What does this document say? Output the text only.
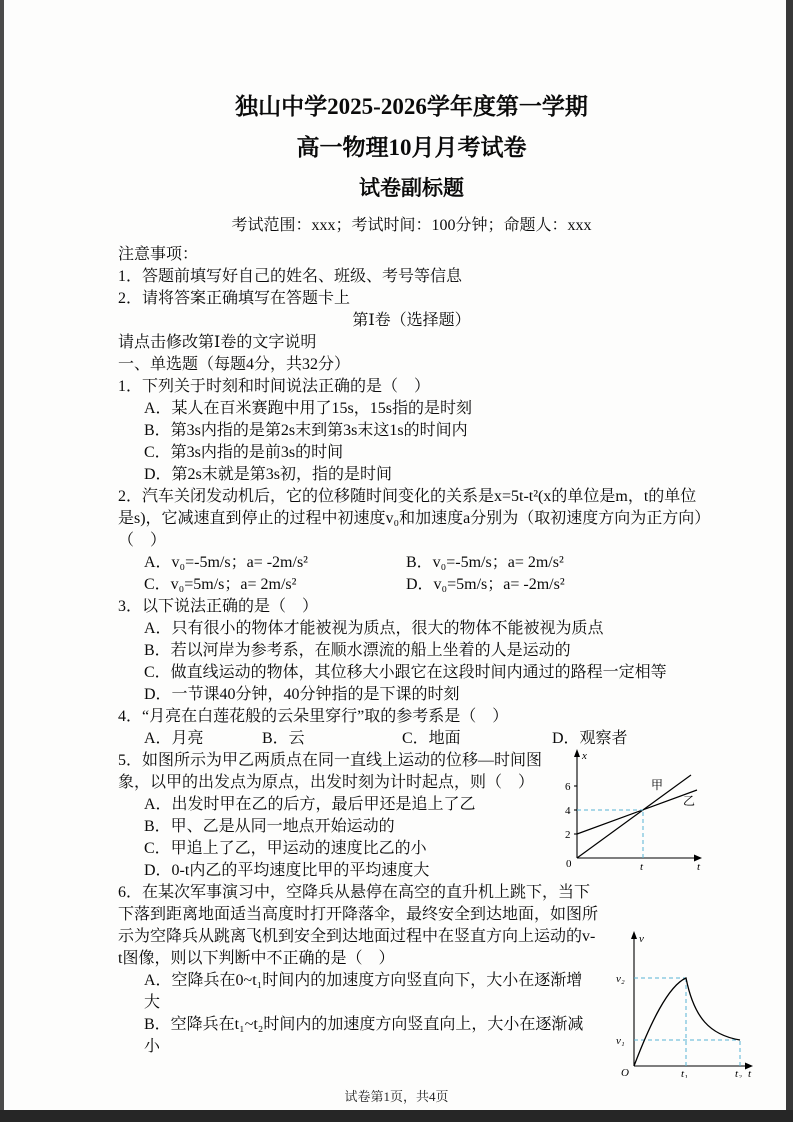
独山中学2025-2026学年度第一学期

高一物理10月月考试卷

试卷副标题

考试范围：xxx；考试时间：100分钟；命题人：xxx

注意事项：

1．答题前填写好自己的姓名、班级、考号等信息

2．请将答案正确填写在答题卡上

第Ⅰ卷（选择题）

请点击修改第Ⅰ卷的文字说明

一、单选题（每题4分，共32分）

1．下列关于时刻和时间说法正确的是（　）

A．某人在百米赛跑中用了15s，15s指的是时刻

B．第3s内指的是第2s末到第3s末这1s的时间内

C．第3s内指的是前3s的时间

D．第2s末就是第3s初，指的是时间

2．汽车关闭发动机后，它的位移随时间变化的关系是x=5t-t²(x的单位是m，t的单位是s)，它减速直到停止的过程中初速度v₀和加速度a分别为（取初速度方向为正方向）（　）

A．v₀=-5m/s；a= -2m/s²	B．v₀=-5m/s；a= 2m/s²

C．v₀=5m/s；a= 2m/s²	D．v₀=5m/s；a= -2m/s²

3．以下说法正确的是（　）

A．只有很小的物体才能被视为质点，很大的物体不能被视为质点

B．若以河岸为参考系，在顺水漂流的船上坐着的人是运动的

C．做直线运动的物体，其位移大小跟它在这段时间内通过的路程一定相等

D．一节课40分钟，40分钟指的是下课的时刻

4．“月亮在白莲花般的云朵里穿行”取的参考系是（　）

A．月亮	B．云	C．地面	D．观察者

x
t
0
6
4
2
t
甲
乙

5．如图所示为甲乙两质点在同一直线上运动的位移—时间图象，以甲的出发点为原点，出发时刻为计时起点，则（　）

A．出发时甲在乙的后方，最后甲还是追上了乙

B．甲、乙是从同一地点开始运动的

C．甲追上了乙，甲运动的速度比乙的小

D．0-t内乙的平均速度比甲的平均速度大

v
t
O
v₂
v₁
t₁	t₂

6．在某次军事演习中，空降兵从悬停在高空的直升机上跳下，当下下落到距离地面适当高度时打开降落伞，最终安全到达地面，如图所示为空降兵从跳离飞机到安全到达地面过程中在竖直方向上运动的v-t图像，则以下判断中不正确的是（　）

A．空降兵在0~t₁时间内的加速度方向竖直向下，大小在逐渐增大

B．空降兵在t₁~t₂时间内的加速度方向竖直向上，大小在逐渐减小

试卷第1页，共4页
